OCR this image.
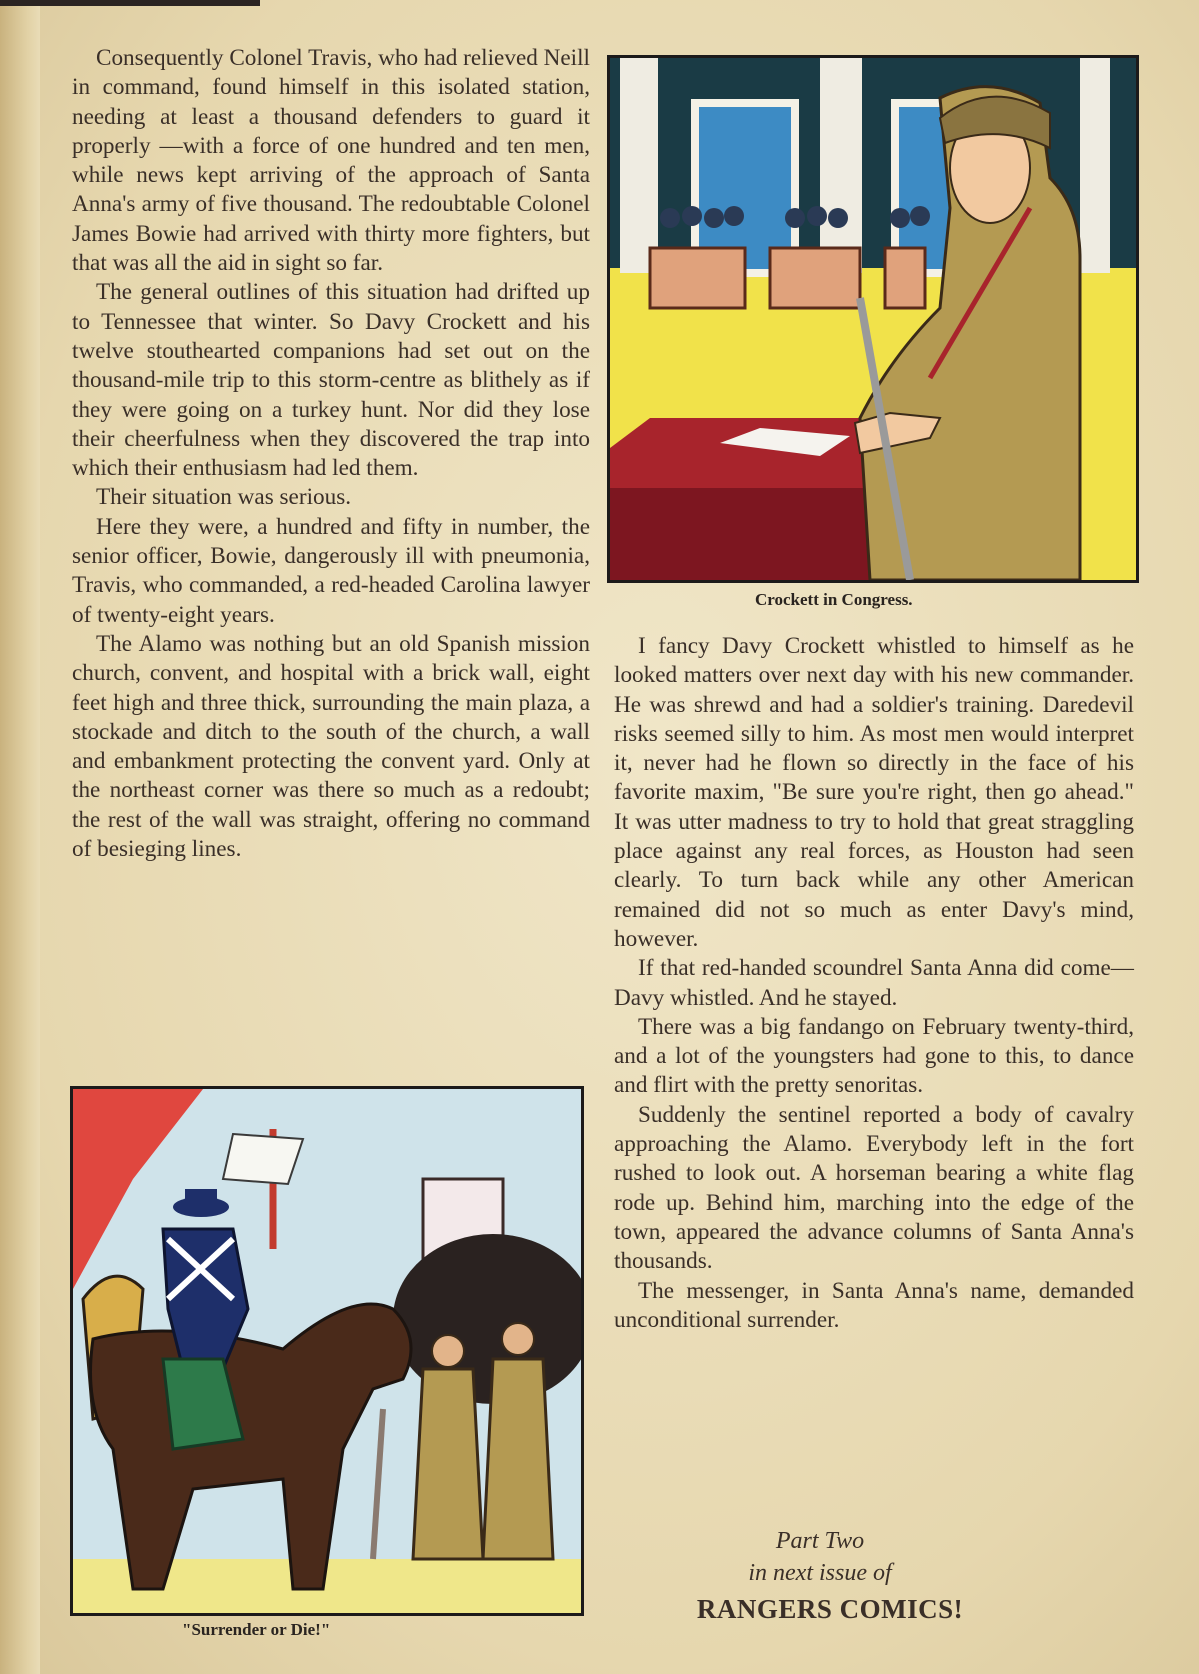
Consequently Colonel Travis, who had relieved Neill in command, found himself in this isolated station, needing at least a thousand defenders to guard it properly —with a force of one hundred and ten men, while news kept arriving of the approach of Santa Anna's army of five thousand. The redoubtable Colonel James Bowie had arrived with thirty more fighters, but that was all the aid in sight so far.

The general outlines of this situation had drifted up to Tennessee that winter. So Davy Crockett and his twelve stouthearted companions had set out on the thousand-mile trip to this storm-centre as blithely as if they were going on a turkey hunt. Nor did they lose their cheerfulness when they discovered the trap into which their enthusiasm had led them.

Their situation was serious.

Here they were, a hundred and fifty in number, the senior officer, Bowie, dangerously ill with pneumonia, Travis, who commanded, a red-headed Carolina lawyer of twenty-eight years.

The Alamo was nothing but an old Spanish mission church, convent, and hospital with a brick wall, eight feet high and three thick, surrounding the main plaza, a stockade and ditch to the south of the church, a wall and embankment protecting the convent yard. Only at the northeast corner was there so much as a redoubt; the rest of the wall was straight, offering no command of besieging lines.

Crockett in Congress.
"Surrender or Die!"

I fancy Davy Crockett whistled to himself as he looked matters over next day with his new commander. He was shrewd and had a soldier's training. Daredevil risks seemed silly to him. As most men would interpret it, never had he flown so directly in the face of his favorite maxim, "Be sure you're right, then go ahead." It was utter madness to try to hold that great straggling place against any real forces, as Houston had seen clearly. To turn back while any other American remained did not so much as enter Davy's mind, however.

If that red-handed scoundrel Santa Anna did come—Davy whistled. And he stayed.

There was a big fandango on February twenty-third, and a lot of the youngsters had gone to this, to dance and flirt with the pretty senoritas.

Suddenly the sentinel reported a body of cavalry approaching the Alamo. Everybody left in the fort rushed to look out. A horseman bearing a white flag rode up. Behind him, marching into the edge of the town, appeared the advance columns of Santa Anna's thousands.

The messenger, in Santa Anna's name, demanded unconditional surrender.

Part Two
in next issue of
RANGERS COMICS!
